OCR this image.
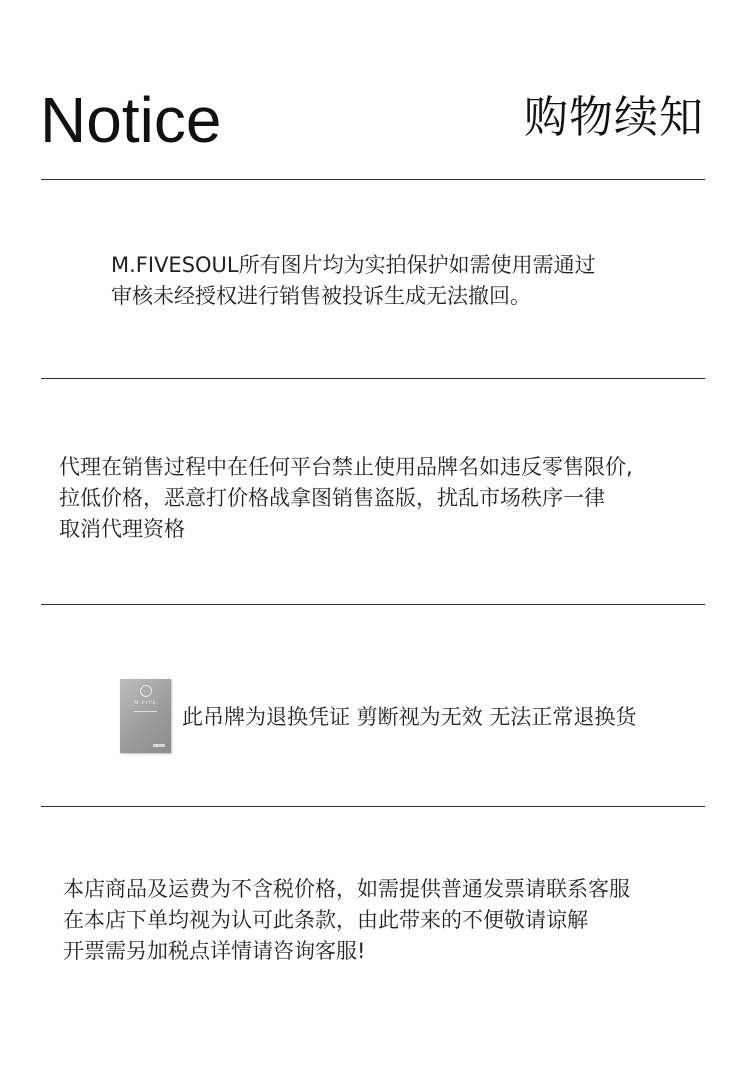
Notice	购物续知
M.FIVESOUL所有图片均为实拍保护如需使用需通过
审核未经授权进行销售被投诉生成无法撤回。
代理在销售过程中在任何平台禁止使用品牌名如违反零售限价,
拉低价格，恶意打价格战拿图销售盗版，扰乱市场秩序一律
取消代理资格
M.FIVE
此吊牌为退换凭证 剪断视为无效 无法正常退换货
本店商品及运费为不含税价格，如需提供普通发票请联系客服
在本店下单均视为认可此条款，由此带来的不便敬请谅解
开票需另加税点详情请咨询客服!
